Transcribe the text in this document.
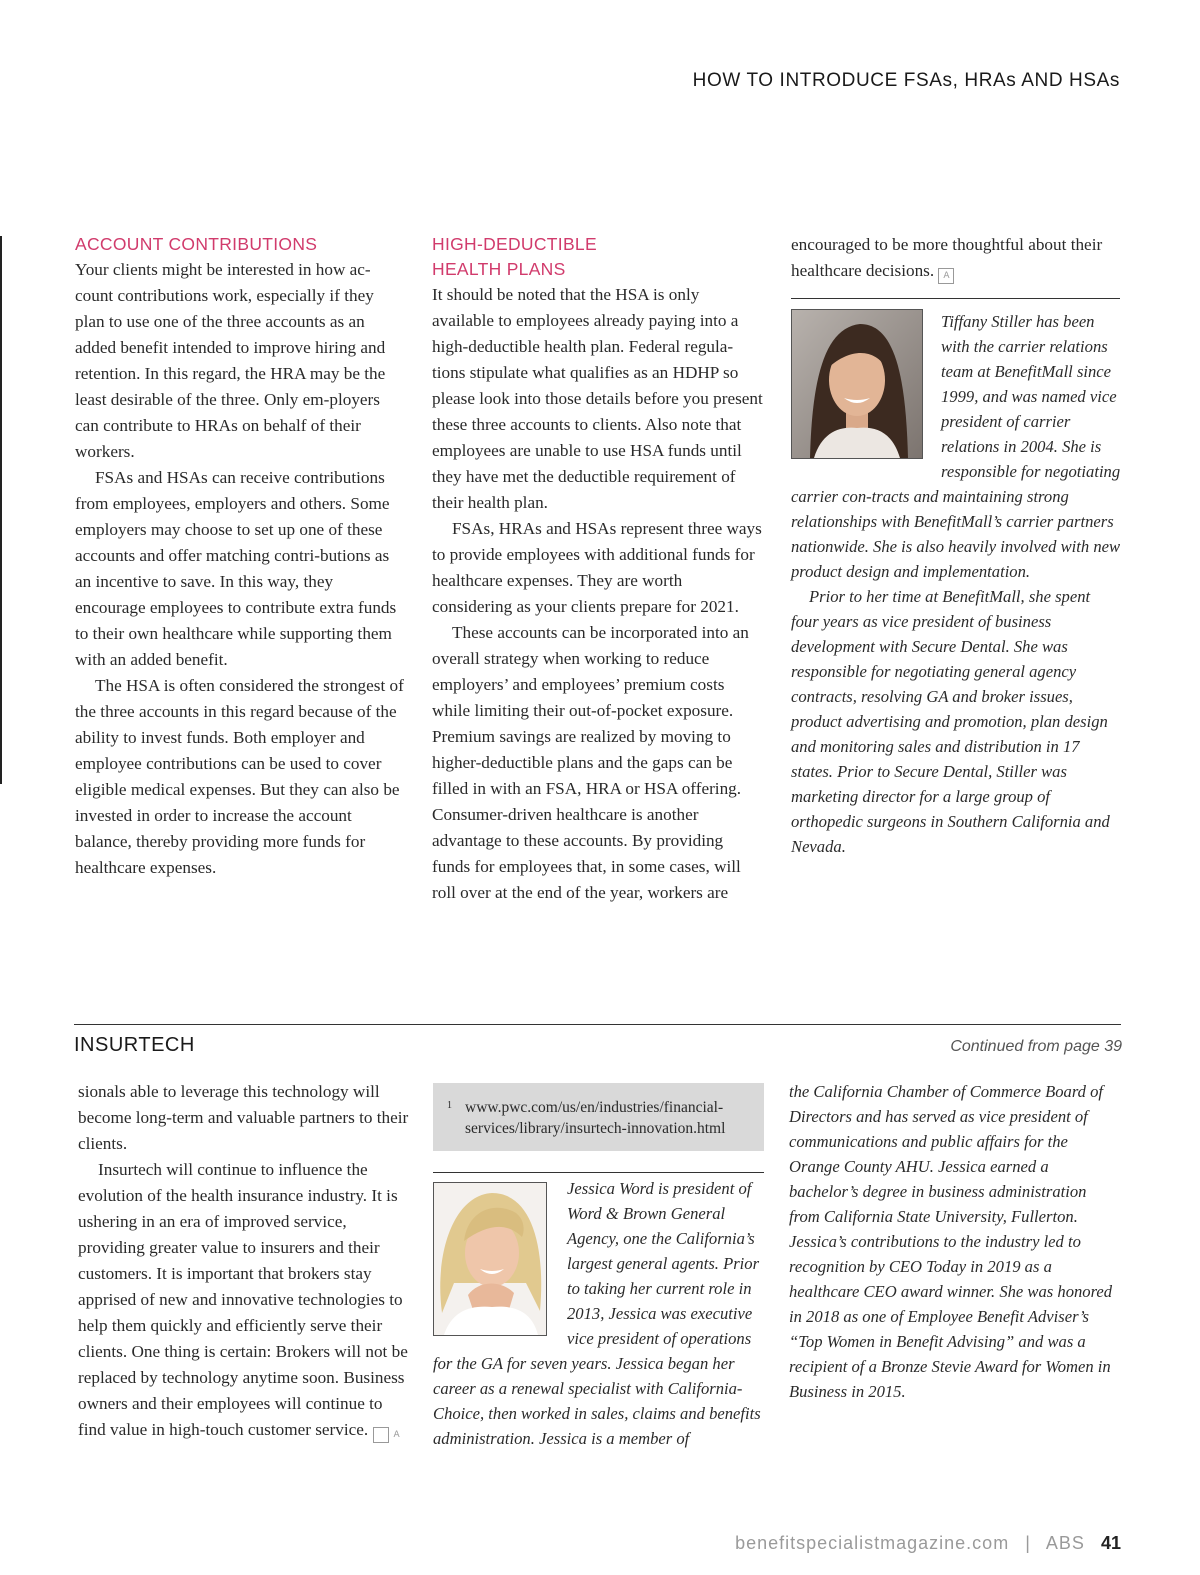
HOW TO INTRODUCE FSAs, HRAs AND HSAs
ACCOUNT CONTRIBUTIONS

Your clients might be interested in how ac-count contributions work, especially if they plan to use one of the three accounts as an added benefit intended to improve hiring and retention. In this regard, the HRA may be the least desirable of the three. Only em-ployers can contribute to HRAs on behalf of their workers.

FSAs and HSAs can receive contributions from employees, employers and others. Some employers may choose to set up one of these accounts and offer matching contri-butions as an incentive to save. In this way, they encourage employees to contribute extra funds to their own healthcare while supporting them with an added benefit.

The HSA is often considered the strongest of the three accounts in this regard because of the ability to invest funds. Both employer and employee contributions can be used to cover eligible medical expenses. But they can also be invested in order to increase the account balance, thereby providing more funds for healthcare expenses.

HIGH-DEDUCTIBLE
HEALTH PLANS

It should be noted that the HSA is only available to employees already paying into a high-deductible health plan. Federal regula-tions stipulate what qualifies as an HDHP so please look into those details before you present these three accounts to clients. Also note that employees are unable to use HSA funds until they have met the deductible requirement of their health plan.

FSAs, HRAs and HSAs represent three ways to provide employees with additional funds for healthcare expenses. They are worth considering as your clients prepare for 2021.

These accounts can be incorporated into an overall strategy when working to reduce employers’ and employees’ premium costs while limiting their out-of-pocket exposure. Premium savings are realized by moving to higher-deductible plans and the gaps can be filled in with an FSA, HRA or HSA offering. Consumer-driven healthcare is another advantage to these accounts. By providing funds for employees that, in some cases, will roll over at the end of the year, workers are

encouraged to be more thoughtful about their healthcare decisions. A

Tiffany Stiller has been with the carrier relations team at BenefitMall since 1999, and was named vice president of carrier relations in 2004. She is responsible for negotiating carrier con-tracts and maintaining strong relationships with BenefitMall’s carrier partners nationwide. She is also heavily involved with new product design and implementation.

Prior to her time at BenefitMall, she spent four years as vice president of business development with Secure Dental. She was responsible for negotiating general agency contracts, resolving GA and broker issues, product advertising and promotion, plan design and monitoring sales and distribution in 17 states. Prior to Secure Dental, Stiller was marketing director for a large group of orthopedic surgeons in Southern California and Nevada.

INSURTECH	Continued from page 39

sionals able to leverage this technology will become long-term and valuable partners to their clients.

Insurtech will continue to influence the evolution of the health insurance industry. It is ushering in an era of improved service, providing greater value to insurers and their customers. It is important that brokers stay apprised of new and innovative technologies to help them quickly and efficiently serve their clients. One thing is certain: Brokers will not be replaced by technology anytime soon. Business owners and their employees will continue to find value in high-touch customer service.	A

1 www.pwc.com/us/en/industries/financial-services/library/insurtech-innovation.html
Jessica Word is president of Word & Brown General Agency, one the California’s largest general agents. Prior to taking her current role in 2013, Jessica was executive vice president of operations for the GA for seven years. Jessica began her career as a renewal specialist with California-Choice, then worked in sales, claims and benefits administration. Jessica is a member of
the California Chamber of Commerce Board of Directors and has served as vice president of communications and public affairs for the Orange County AHU. Jessica earned a bachelor’s degree in business administration from California State University, Fullerton. Jessica’s contributions to the industry led to recognition by CEO Today in 2019 as a healthcare CEO award winner. She was honored in 2018 as one of Employee Benefit Adviser’s “Top Women in Benefit Advising” and was a recipient of a Bronze Stevie Award for Women in Business in 2015.
benefitspecialistmagazine.com | ABS 41
